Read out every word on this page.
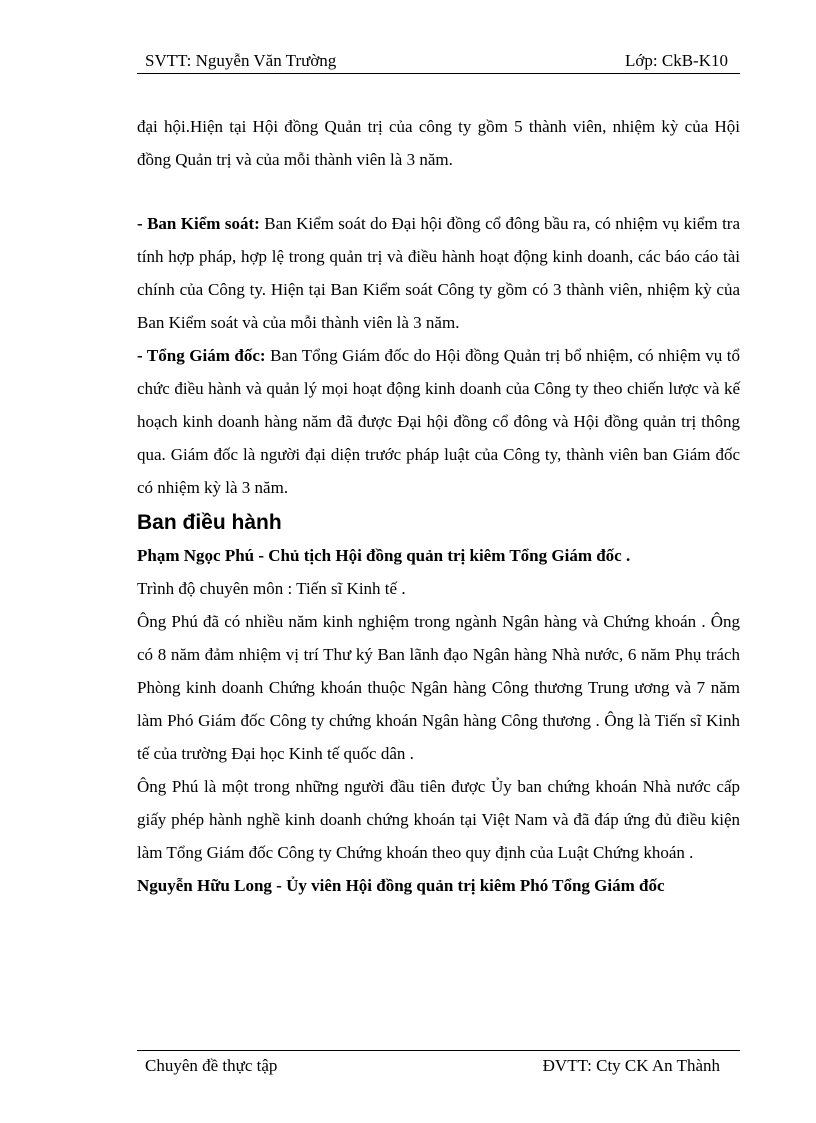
SVTT: Nguyễn Văn Trường	Lớp: CkB-K10

đại hội.Hiện tại Hội đồng Quản trị của công ty gồm 5 thành viên, nhiệm kỳ của Hội đồng Quản trị và của mỗi thành viên là 3 năm.

- Ban Kiểm soát: Ban Kiểm soát do Đại hội đồng cổ đông bầu ra, có nhiệm vụ kiểm tra tính hợp pháp, hợp lệ trong quản trị và điều hành hoạt động kinh doanh, các báo cáo tài chính của Công ty. Hiện tại Ban Kiểm soát Công ty gồm có 3 thành viên, nhiệm kỳ của Ban Kiểm soát và của mỗi thành viên là 3 năm.

- Tổng Giám đốc: Ban Tổng Giám đốc do Hội đồng Quản trị bổ nhiệm, có nhiệm vụ tổ chức điều hành và quản lý mọi hoạt động kinh doanh của Công ty theo chiến lược và kế hoạch kinh doanh hàng năm đã được Đại hội đồng cổ đông và Hội đồng quản trị thông qua. Giám đốc là người đại diện trước pháp luật của Công ty, thành viên ban Giám đốc có nhiệm kỳ là 3 năm.

Ban điều hành

Phạm Ngọc Phú - Chủ tịch Hội đồng quản trị kiêm Tổng Giám đốc .

Trình độ chuyên môn : Tiến sĩ Kinh tế .

Ông Phú đã có nhiều năm kinh nghiệm trong ngành Ngân hàng và Chứng khoán . Ông có 8 năm đảm nhiệm vị trí Thư ký Ban lãnh đạo Ngân hàng Nhà nước, 6 năm Phụ trách Phòng kinh doanh Chứng khoán thuộc Ngân hàng Công thương Trung ương và 7 năm làm Phó Giám đốc Công ty chứng khoán Ngân hàng Công thương . Ông là Tiến sĩ Kinh tế của trường Đại học Kinh tế quốc dân .

Ông Phú là một trong những người đầu tiên được Ủy ban chứng khoán Nhà nước cấp giấy phép hành nghề kinh doanh chứng khoán tại Việt Nam và đã đáp ứng đủ điều kiện làm Tổng Giám đốc Công ty Chứng khoán theo quy định của Luật Chứng khoán .

Nguyễn Hữu Long - Ủy viên Hội đồng quản trị kiêm Phó Tổng Giám đốc

Chuyên đề thực tập	ĐVTT: Cty CK An Thành
